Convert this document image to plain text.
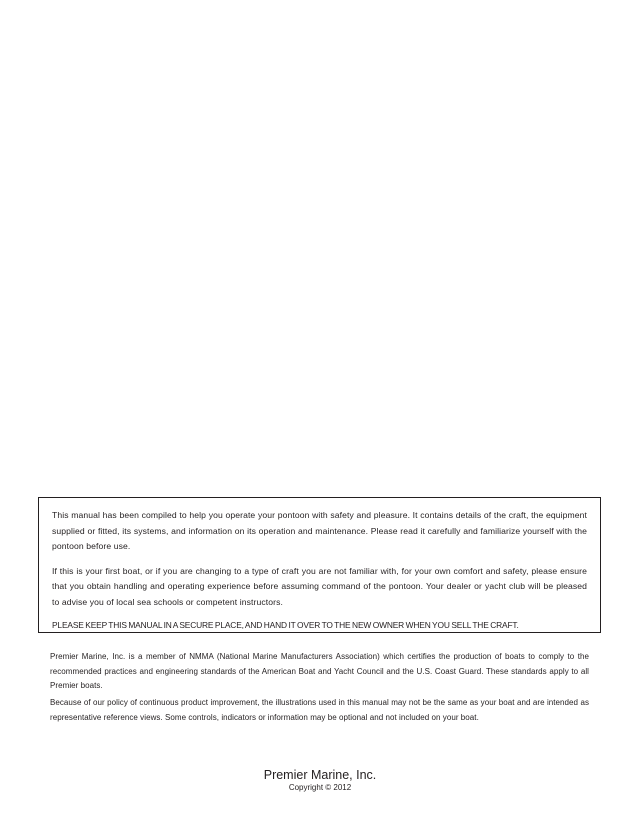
This manual has been compiled to help you operate your pontoon with safety and pleasure. It contains details of the craft, the equipment supplied or fitted, its systems, and information on its operation and maintenance. Please read it carefully and familiarize yourself with the pontoon before use.

If this is your first boat, or if you are changing to a type of craft you are not familiar with, for your own comfort and safety, please ensure that you obtain handling and operating experience before assuming command of the pontoon. Your dealer or yacht club will be pleased to advise you of local sea schools or competent instructors.

PLEASE KEEP THIS MANUAL IN A SECURE PLACE, AND HAND IT OVER TO THE NEW OWNER WHEN YOU SELL THE CRAFT.

Premier Marine, Inc. is a member of NMMA (National Marine Manufacturers Association) which certifies the production of boats to comply to the recommended practices and engineering standards of the American Boat and Yacht Council and the U.S. Coast Guard. These standards apply to all Premier boats.

Because of our policy of continuous product improvement, the illustrations used in this manual may not be the same as your boat and are intended as representative reference views. Some controls, indicators or information may be optional and not included on your boat.

Premier Marine, Inc.
Copyright © 2012
